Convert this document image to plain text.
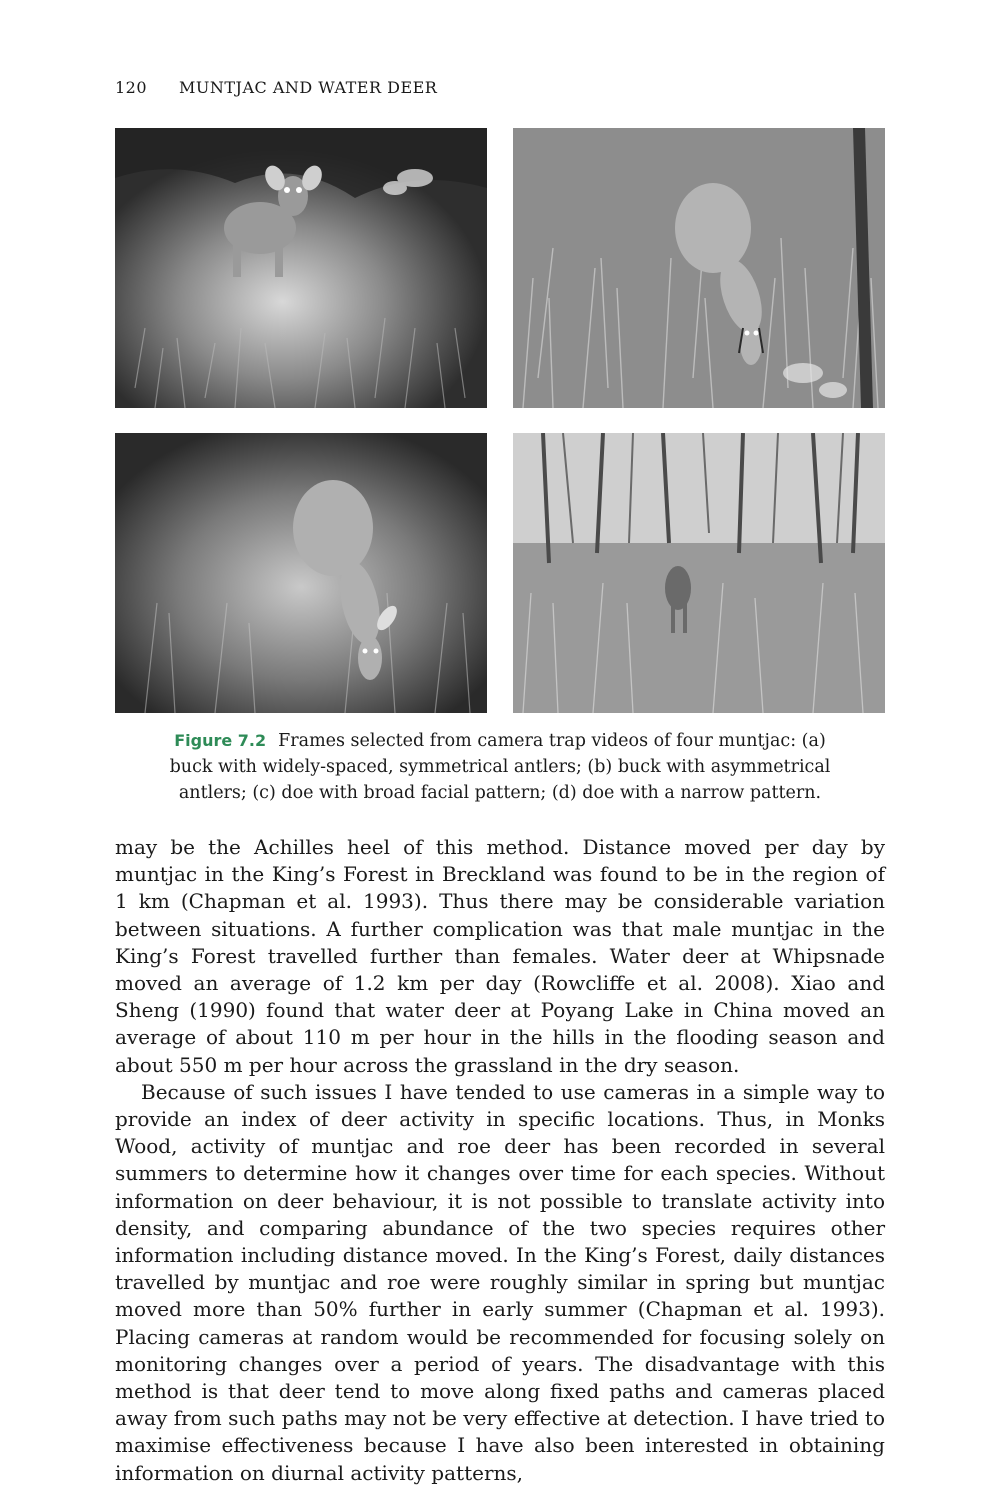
120 MUNTJAC AND WATER DEER
Figure 7.2 Frames selected from camera trap videos of four muntjac: (a) buck with widely-spaced, symmetrical antlers; (b) buck with asymmetrical antlers; (c) doe with broad facial pattern; (d) doe with a narrow pattern.

may be the Achilles heel of this method. Distance moved per day by muntjac in the King’s Forest in Breckland was found to be in the region of 1 km (Chapman et al. 1993). Thus there may be considerable variation between situations. A further complication was that male muntjac in the King’s Forest travelled further than females. Water deer at Whipsnade moved an average of 1.2 km per day (Rowcliffe et al. 2008). Xiao and Sheng (1990) found that water deer at Poyang Lake in China moved an average of about 110 m per hour in the hills in the flooding season and about 550 m per hour across the grassland in the dry season.

Because of such issues I have tended to use cameras in a simple way to provide an index of deer activity in specific locations. Thus, in Monks Wood, activity of muntjac and roe deer has been recorded in several summers to determine how it changes over time for each species. Without information on deer behaviour, it is not possible to translate activity into density, and comparing abundance of the two species requires other information including distance moved. In the King’s Forest, daily distances travelled by muntjac and roe were roughly similar in spring but muntjac moved more than 50% further in early summer (Chapman et al. 1993). Placing cameras at random would be recommended for focusing solely on monitoring changes over a period of years. The disadvantage with this method is that deer tend to move along fixed paths and cameras placed away from such paths may not be very effective at detection. I have tried to maximise effectiveness because I have also been interested in obtaining information on diurnal activity patterns,
